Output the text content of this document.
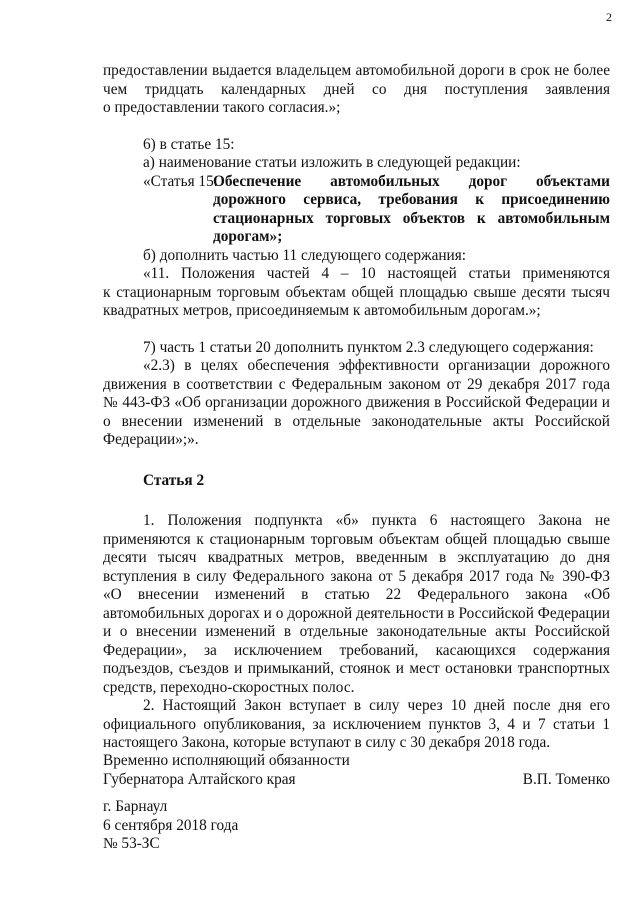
2

предоставлении выдается владельцем автомобильной дороги в срок не более

чем тридцать календарных дней со дня поступления заявления

о предоставлении такого согласия.»;

6) в статье 15:

а) наименование статьи изложить в следующей редакции:

«Статья 15.
Обеспечение автомобильных дорог объектами
дорожного сервиса, требования к присоединению
стационарных торговых объектов к автомобильным
дорогам»;

б) дополнить частью 11 следующего содержания:

«11. Положения частей 4 – 10 настоящей статьи применяются

к стационарным торговым объектам общей площадью свыше десяти тысяч

квадратных метров, присоединяемым к автомобильным дорогам.»;

7) часть 1 статьи 20 дополнить пунктом 2.3 следующего содержания:

«2.3) в целях обеспечения эффективности организации дорожного

движения в соответствии с Федеральным законом от 29 декабря 2017 года

№ 443-ФЗ «Об организации дорожного движения в Российской Федерации и

о внесении изменений в отдельные законодательные акты Российской

Федерации»;».

Статья 2

1. Положения подпункта «б» пункта 6 настоящего Закона не

применяются к стационарным торговым объектам общей площадью свыше

десяти тысяч квадратных метров, введенным в эксплуатацию до дня

вступления в силу Федерального закона от 5 декабря 2017 года № 390-ФЗ

«О внесении изменений в статью 22 Федерального закона «Об

автомобильных дорогах и о дорожной деятельности в Российской Федерации

и о внесении изменений в отдельные законодательные акты Российской

Федерации», за исключением требований, касающихся содержания

подъездов, съездов и примыканий, стоянок и мест остановки транспортных

средств, переходно-скоростных полос.

2. Настоящий Закон вступает в силу через 10 дней после дня его

официального опубликования, за исключением пунктов 3, 4 и 7 статьи 1

настоящего Закона, которые вступают в силу с 30 декабря 2018 года.

Временно исполняющий обязанности

Губернатора Алтайского края	В.П. Томенко

г. Барнаул

6 сентября 2018 года

№ 53-ЗС
